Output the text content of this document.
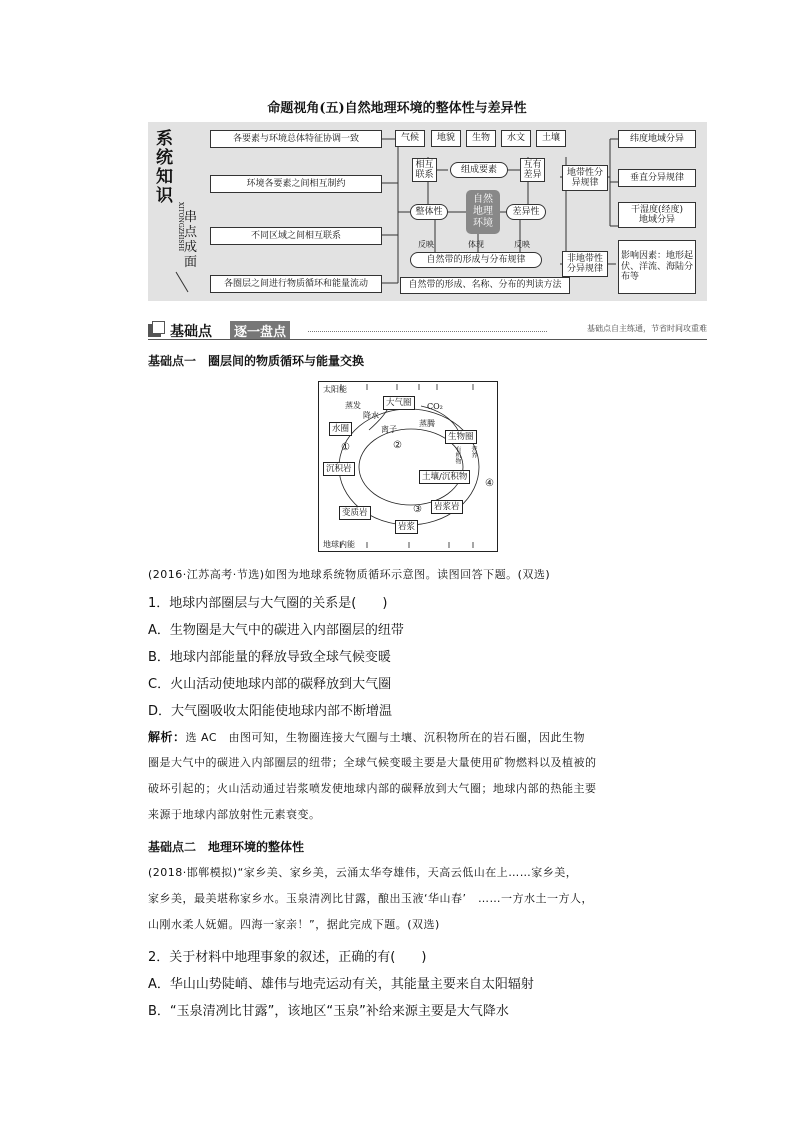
命题视角(五)自然地理环境的整体性与差异性
系
统
知
识
XITONGZHISHI 串
点
成
面
各要素与环境总体特征协调一致
环境各要素之间相互制约
不同区域之间相互联系
各圈层之间进行物质循环和能量流动
气候	地貌	生物	水文	土壤
相互
联系
组成要素
互有
差异
自然
地理
环境
整体性	差异性
反映	体现	反映
自然带的形成与分布规律
自然带的形成、名称、分布的判读方法
地带性分
异规律
非地带性
分异规律
纬度地域分异
垂直分异规律
干湿度(经度)
地域分异
影响因素：地形起伏、洋流、海陆分布等
基础点	逐一盘点	基础点自主练通，节省时间攻重难
基础点一　圈层间的物质循环与能量交换
太阳能
地球内能
大气圈
水圈
生物圈
沉积岩
土壤/沉积物
变质岩
岩浆岩
岩浆
蒸发
降水
离子
蒸腾
CO₂
①	②
③
④
有机物 营养
(2016·江苏高考·节选)如图为地球系统物质循环示意图。读图回答下题。(双选)
1．地球内部圈层与大气圈的关系是(　　)
A．生物圈是大气中的碳进入内部圈层的纽带
B．地球内部能量的释放导致全球气候变暖
C．火山活动使地球内部的碳释放到大气圈
D．大气圈吸收太阳能使地球内部不断增温
解析：选 AC　由图可知，生物圈连接大气圈与土壤、沉积物所在的岩石圈，因此生物
圈是大气中的碳进入内部圈层的纽带；全球气候变暖主要是大量使用矿物燃料以及植被的
破坏引起的；火山活动通过岩浆喷发使地球内部的碳释放到大气圈；地球内部的热能主要
来源于地球内部放射性元素衰变。
基础点二　地理环境的整体性
(2018·邯郸模拟)“家乡美、家乡美，云涌太华夸雄伟，天高云低山在上……家乡美，
家乡美，最美堪称家乡水。玉泉清冽比甘露，酿出玉液‘华山春’　……一方水土一方人，
山刚水柔人妩媚。四海一家亲！”，据此完成下题。(双选)
2．关于材料中地理事象的叙述，正确的有(　　)
A．华山山势陡峭、雄伟与地壳运动有关，其能量主要来自太阳辐射
B．“玉泉清冽比甘露”，该地区“玉泉”补给来源主要是大气降水
